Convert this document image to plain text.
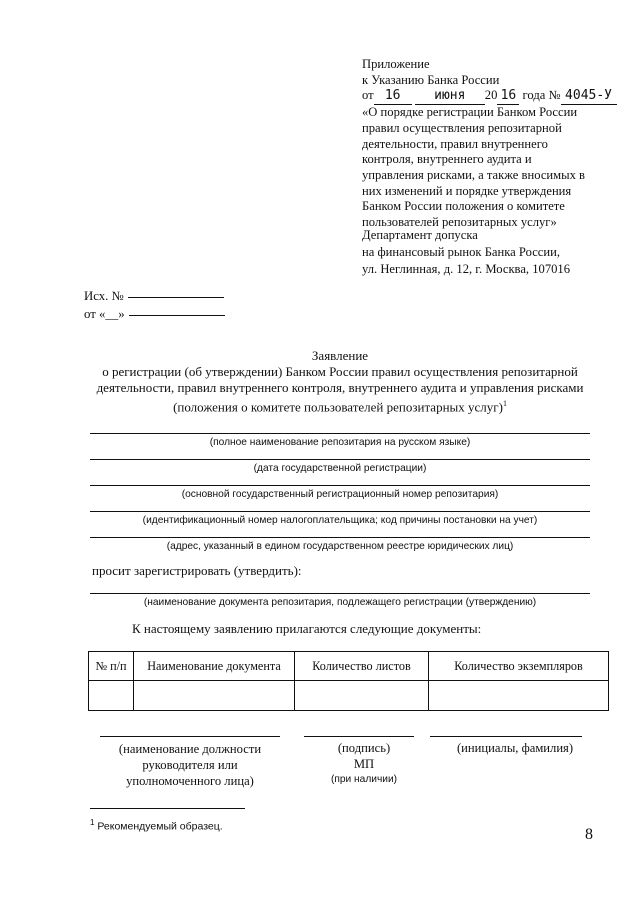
Приложение
к Указанию Банка России
от 16	июня 20 16 года № 4045-У
«О порядке регистрации Банком России
правил осуществления репозитарной
деятельности, правил внутреннего
контроля, внутреннего аудита и
управления рисками, а также вносимых в
них изменений и порядке утверждения
Банком России положения о комитете
пользователей репозитарных услуг»
Департамент допуска
на финансовый рынок Банка России,
ул. Неглинная, д. 12, г. Москва, 107016
Исх. №
от «__»
Заявление
о регистрации (об утверждении) Банком России правил осуществления репозитарной
деятельности, правил внутреннего контроля, внутреннего аудита и управления рисками
(положения о комитете пользователей репозитарных услуг)$^1$
(полное наименование репозитария на русском языке)
(дата государственной регистрации)
(основной государственный регистрационный номер репозитария)
(идентификационный номер налогоплательщика; код причины постановки на учет)
(адрес, указанный в едином государственном реестре юридических лиц)
просит зарегистрировать (утвердить):
(наименование документа репозитария, подлежащего регистрации (утверждению)
К настоящему заявлению прилагаются следующие документы:
№ п/п	Наименование документа	Количество листов	Количество экземпляров

(наименование должности
руководителя или
уполномоченного лица)
(подпись)
МП
(при наличии)
(инициалы, фамилия)
$^1$ Рекомендуемый образец.	8
